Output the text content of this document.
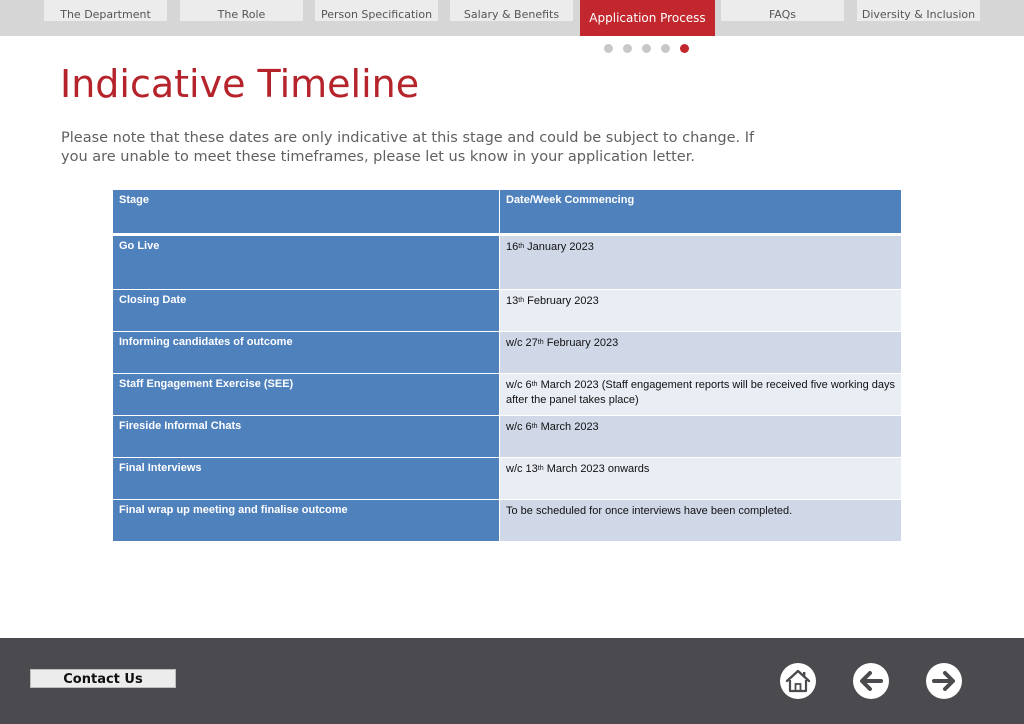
The Department	The Role	Person Specification	Salary & Benefits	Application Process	FAQs	Diversity & Inclusion
Indicative Timeline

Please note that these dates are only indicative at this stage and could be subject to change. If you are unable to meet these timeframes, please let us know in your application letter.

Stage	Date/Week Commencing
Go Live	16th January 2023
Closing Date	13th February 2023
Informing candidates of outcome	w/c 27th February 2023
Staff Engagement Exercise (SEE)	w/c 6th March 2023 (Staff engagement reports will be received five working days after the panel takes place)
Fireside Informal Chats	w/c 6th March 2023
Final Interviews	w/c 13th March 2023 onwards
Final wrap up meeting and finalise outcome	To be scheduled for once interviews have been completed.
Contact Us
